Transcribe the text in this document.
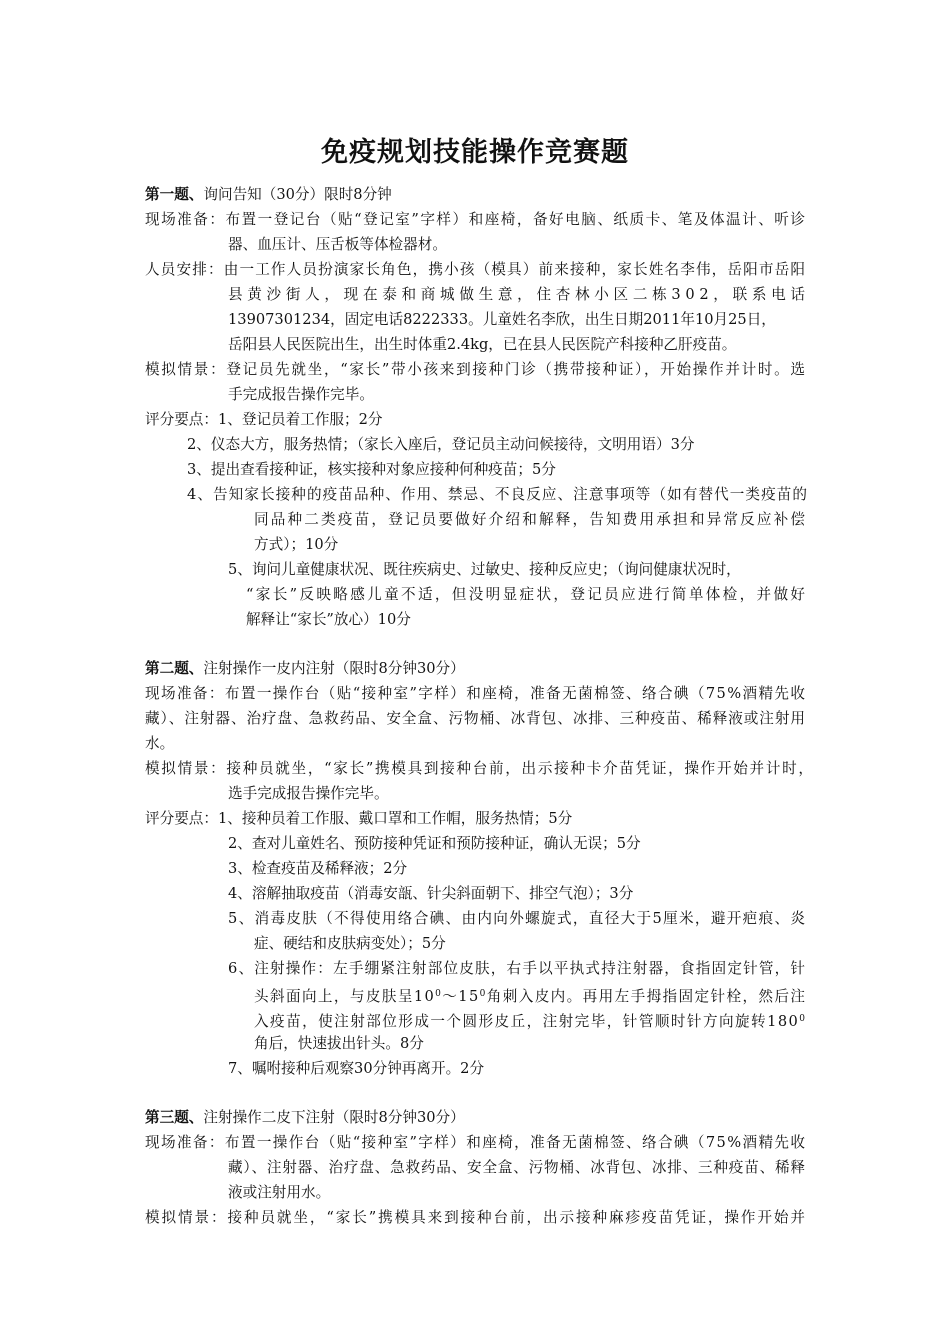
免疫规划技能操作竞赛题
第一题、询问告知（30分）限时8分钟
现场准备：布置一登记台（贴“登记室”字样）和座椅，备好电脑、纸质卡、笔及体温计、听诊
器、血压计、压舌板等体检器材。
人员安排：由一工作人员扮演家长角色，携小孩（模具）前来接种，家长姓名李伟，岳阳市岳阳
县黄沙街人，现在泰和商城做生意，住杏林小区二栋302，联系电话
13907301234，固定电话8222333。儿童姓名李欣，出生日期2011年10月25日，
岳阳县人民医院出生，出生时体重2.4kg，已在县人民医院产科接种乙肝疫苗。
模拟情景：登记员先就坐，“家长”带小孩来到接种门诊（携带接种证），开始操作并计时。选
手完成报告操作完毕。
评分要点：1、登记员着工作服；2分
2、仪态大方，服务热情；（家长入座后，登记员主动问候接待，文明用语）3分
3、提出查看接种证，核实接种对象应接种何种疫苗；5分
4、告知家长接种的疫苗品种、作用、禁忌、不良反应、注意事项等（如有替代一类疫苗的
同品种二类疫苗，登记员要做好介绍和解释，告知费用承担和异常反应补偿
方式）；10分
5、询问儿童健康状况、既往疾病史、过敏史、接种反应史；（询问健康状况时，
“家长”反映略感儿童不适，但没明显症状，登记员应进行简单体检，并做好
解释让“家长”放心）10分
第二题、注射操作一皮内注射（限时8分钟30分）
现场准备：布置一操作台（贴“接种室”字样）和座椅，准备无菌棉签、络合碘（75%酒精先收
藏）、注射器、治疗盘、急救药品、安全盒、污物桶、冰背包、冰排、三种疫苗、稀释液或注射用
水。
模拟情景：接种员就坐，“家长”携模具到接种台前，出示接种卡介苗凭证，操作开始并计时，
选手完成报告操作完毕。
评分要点：1、接种员着工作服、戴口罩和工作帽，服务热情；5分
2、查对儿童姓名、预防接种凭证和预防接种证，确认无误；5分
3、检查疫苗及稀释液；2分
4、溶解抽取疫苗（消毒安瓿、针尖斜面朝下、排空气泡）；3分
5、消毒皮肤（不得使用络合碘、由内向外螺旋式，直径大于5厘米，避开疤痕、炎
症、硬结和皮肤病变处）；5分
6、注射操作：左手绷紧注射部位皮肤，右手以平执式持注射器，食指固定针管，针
头斜面向上，与皮肤呈$10^0\sim 15^0$角刺入皮内。再用左手拇指固定针栓，然后注
入疫苗，使注射部位形成一个圆形皮丘，注射完毕，针管顺时针方向旋转$180^0$
角后，快速拔出针头。8分
7、嘱咐接种后观察30分钟再离开。2分
第三题、注射操作二皮下注射（限时8分钟30分）
现场准备：布置一操作台（贴“接种室”字样）和座椅，准备无菌棉签、络合碘（75%酒精先收
藏）、注射器、治疗盘、急救药品、安全盒、污物桶、冰背包、冰排、三种疫苗、稀释
液或注射用水。
模拟情景：接种员就坐，“家长”携模具来到接种台前，出示接种麻疹疫苗凭证，操作开始并
